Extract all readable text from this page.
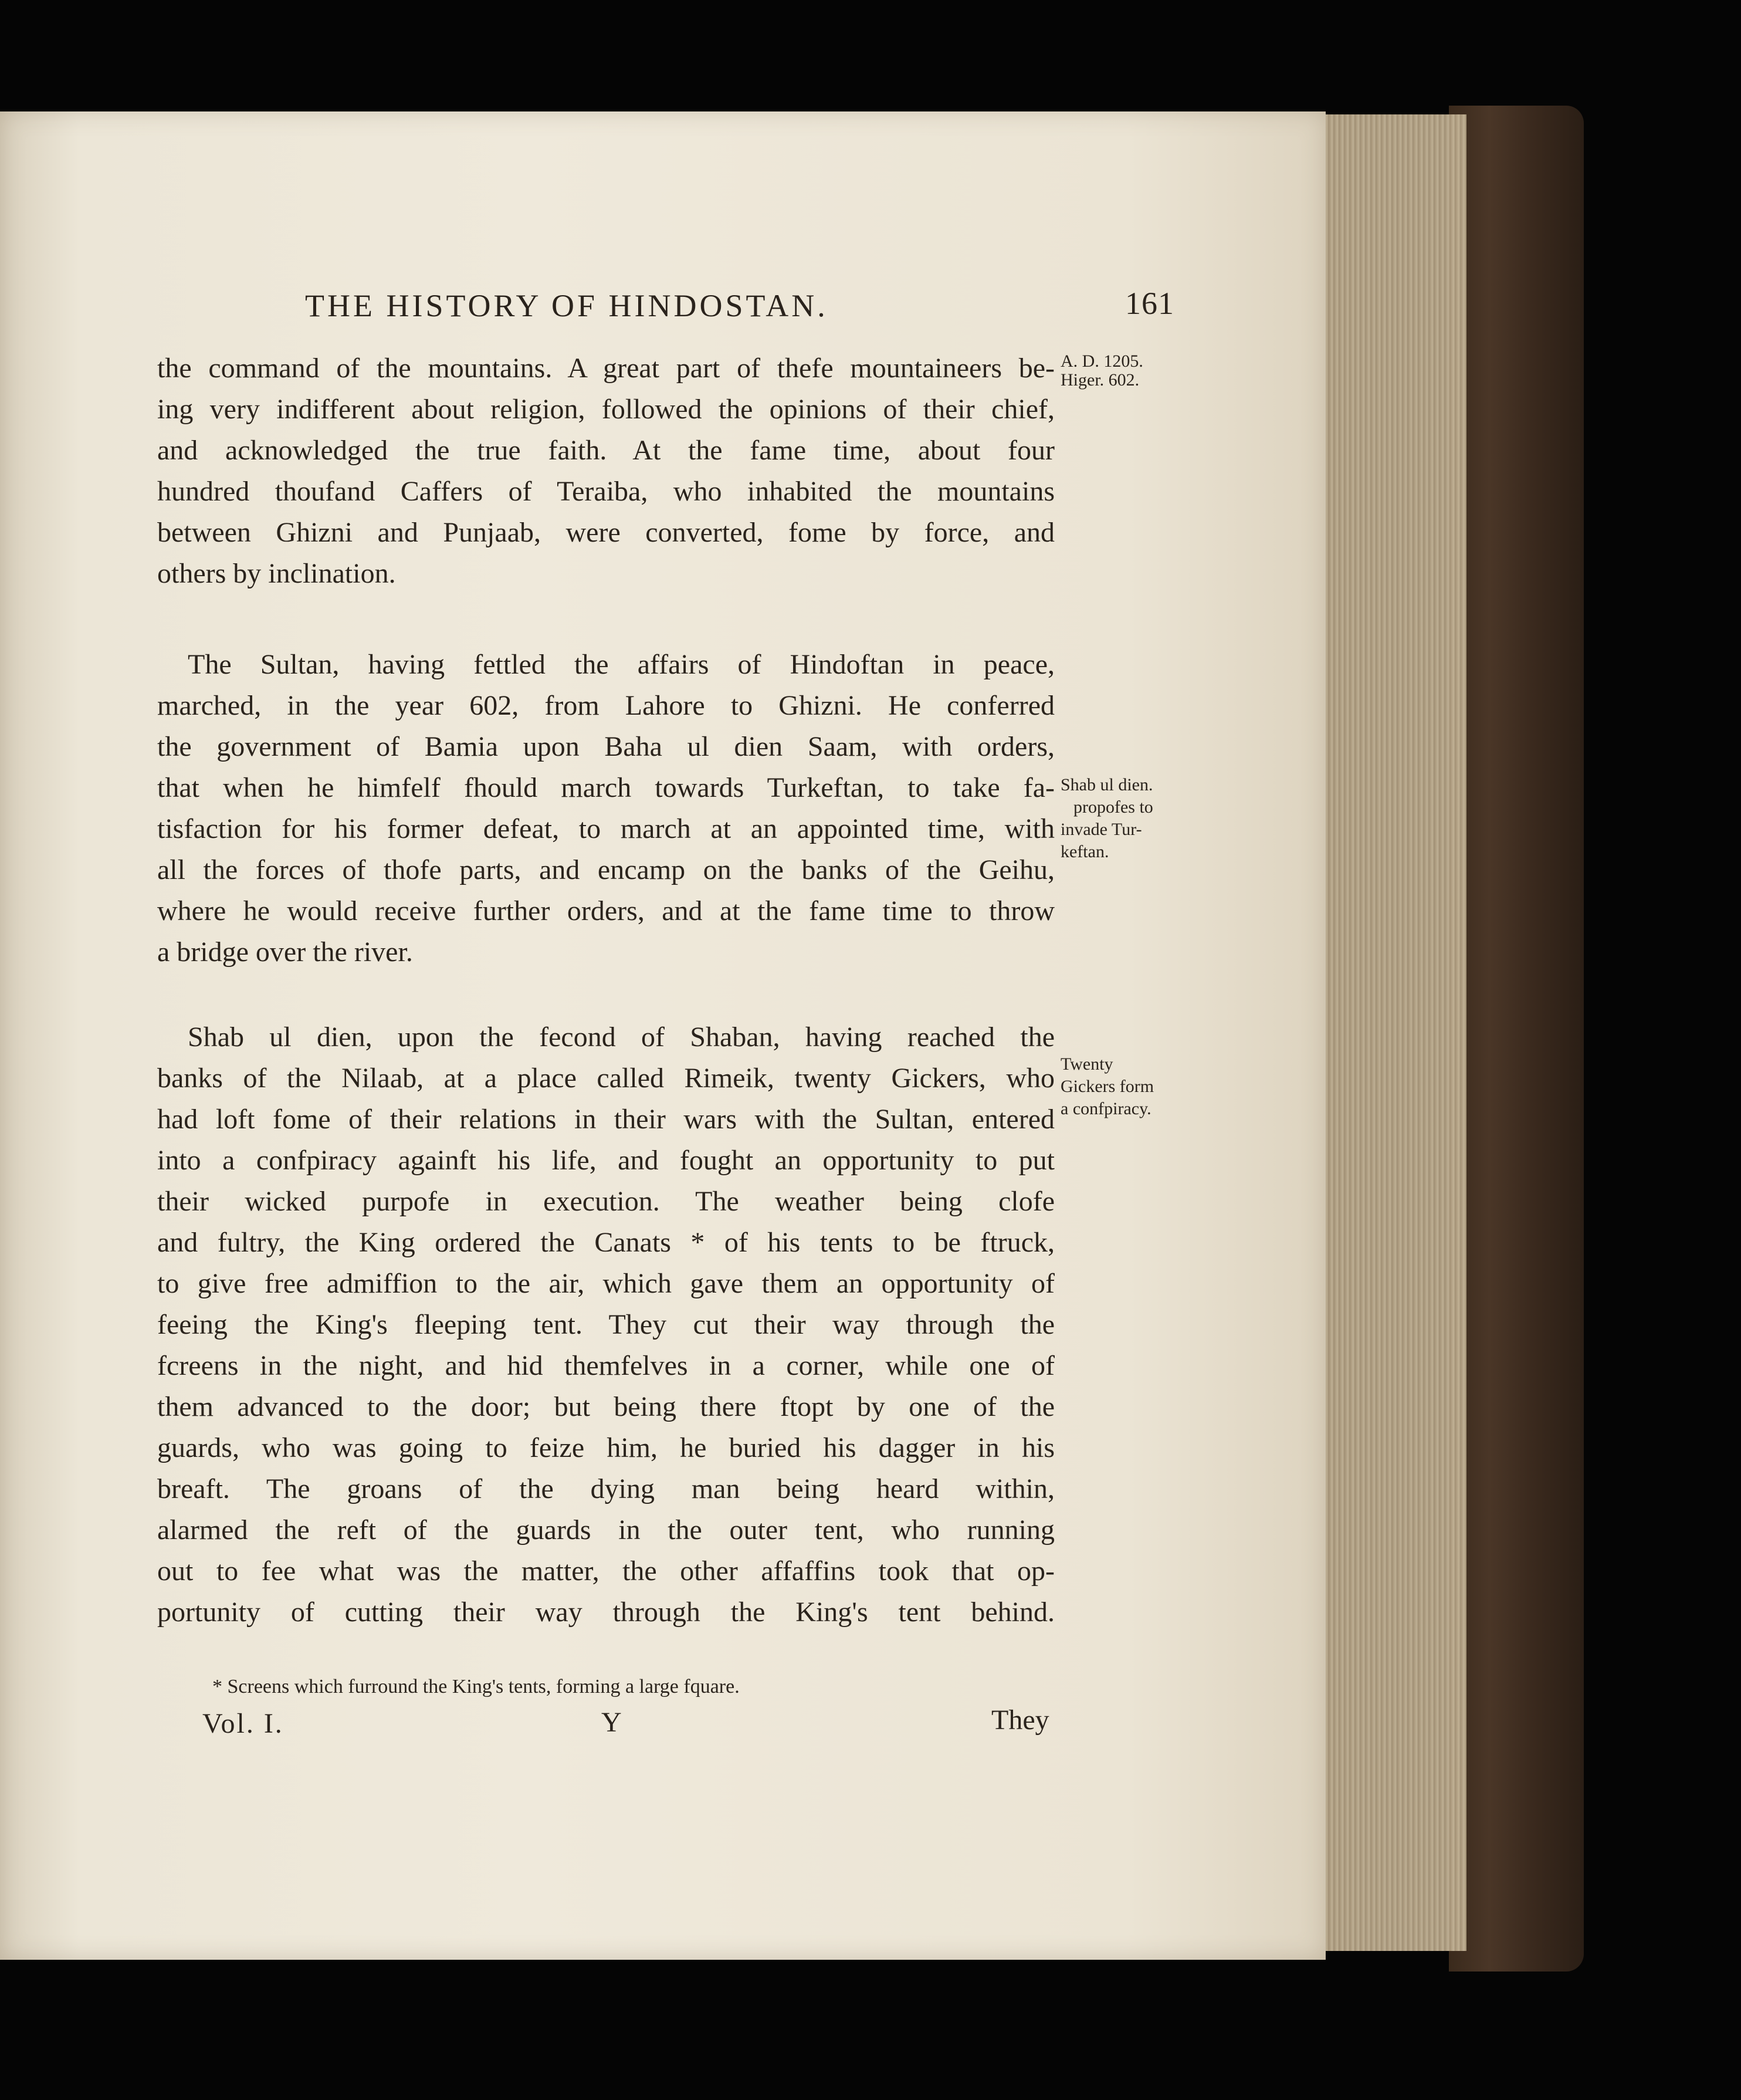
THE HISTORY OF HINDOSTAN.	161
the command of the mountains. A great part of thefe mountaineers be-
ing very indifferent about religion, followed the opinions of their chief,
and acknowledged the true faith. At the fame time, about four
hundred thoufand Caffers of Teraiba, who inhabited the mountains
between Ghizni and Punjaab, were converted, fome by force, and
others by inclination.
The Sultan, having fettled the affairs of Hindoftan in peace,
marched, in the year 602, from Lahore to Ghizni. He conferred
the government of Bamia upon Baha ul dien Saam, with orders,
that when he himfelf fhould march towards Turkeftan, to take fa-
tisfaction for his former defeat, to march at an appointed time, with
all the forces of thofe parts, and encamp on the banks of the Geihu,
where he would receive further orders, and at the fame time to throw
a bridge over the river.
Shab ul dien, upon the fecond of Shaban, having reached the
banks of the Nilaab, at a place called Rimeik, twenty Gickers, who
had loft fome of their relations in their wars with the Sultan, entered
into a confpiracy againft his life, and fought an opportunity to put
their wicked purpofe in execution. The weather being clofe
and fultry, the King ordered the Canats * of his tents to be ftruck,
to give free admiffion to the air, which gave them an opportunity of
feeing the King's fleeping tent. They cut their way through the
fcreens in the night, and hid themfelves in a corner, while one of
them advanced to the door; but being there ftopt by one of the
guards, who was going to feize him, he buried his dagger in his
breaft. The groans of the dying man being heard within,
alarmed the reft of the guards in the outer tent, who running
out to fee what was the matter, the other affaffins took that op-
portunity of cutting their way through the King's tent behind.
A. D. 1205.
Higer. 602.
Shab ul dien.
propofes to
invade Tur-
keftan.
Twenty
Gickers form
a confpiracy.
* Screens which furround the King's tents, forming a large fquare.
Vol. I.	Y	They
